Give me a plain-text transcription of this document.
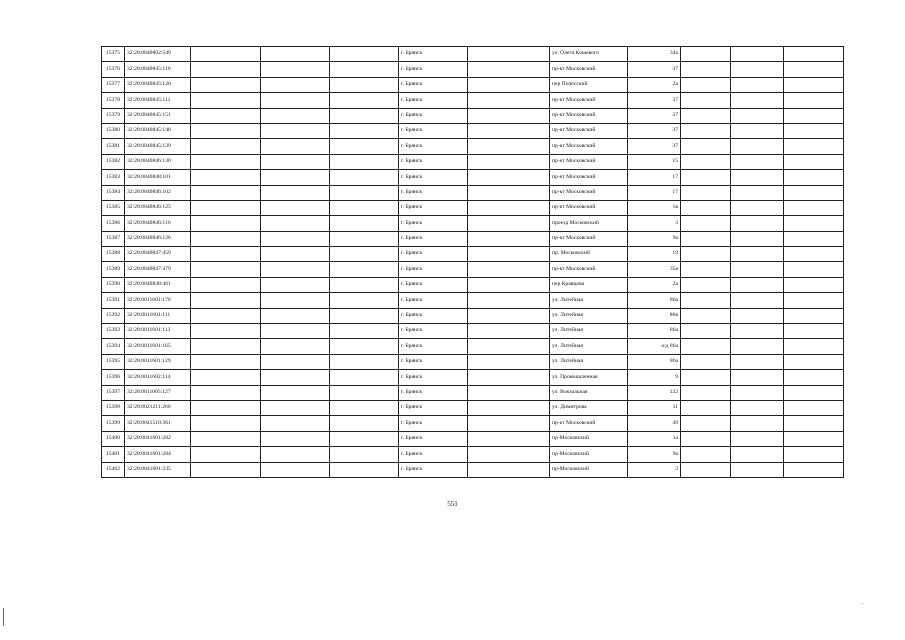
15375	32:28:0040802:549				г. Брянск		ул. Олега Кошевого	34а			
15376	32:28:0040845:110				г. Брянск		пр-кт Московский	37			
15377	32:28:0040845:120				г. Брянск		пер Полесский	2а			
15378	32:28:0040845:111				г. Брянск		пр-кт Московский	37			
15379	32:28:0040845:151				г. Брянск		пр-кт Московский	37			
15380	32:28:0040845:148				г. Брянск		пр-кт Московский	37			
15381	32:28:0040845:139				г. Брянск		пр-кт Московский	37			
15382	32:28:0040846:130				г. Брянск		пр-кт Московский	15			
15383	32:28:0040848:101				г. Брянск		пр-кт Московский	17			
15384	32:28:0040846:102				г. Брянск		пр-кт Московский	17			
15385	32:28:0040846:125				г. Брянск		пр-кт Московский	1в			
15386	32:28:0040846:116				г. Брянск		проезд Московский	3			
15387	32:28:0040846:126				г. Брянск		пр-кт Московский	9а			
15388	32:28:0040847:459				г. Брянск		пр. Московский	19			
15389	32:28:0040847:479				г. Брянск		пр-кт Московский	35а			
15390	32:28:0040848:461				г. Брянск		пер Кравцова	2а			
15391	32:28:0011601:170				г. Брянск		ул. Литейная	86а			
15392	32:28:0011601:111				г. Брянск		ул. Литейная	86в			
15393	32:28:0011601:113				г. Брянск		ул. Литейная	86а			
15394	32:28:0011601:165				г. Брянск		ул. Литейная	о/д 86а			
15395	32:28:0011601:129				г. Брянск		ул. Литейная	86а			
15396	32:28:0011602:114				г. Брянск		ул. Промышленная	9			
15397	32:28:0011005:127				г. Брянск		ул. Вокзальная	122			
15398	32:28:0021211:260				г. Брянск		ул. Димитрова	11			
15399	32:28:0041510:361				г. Брянск		пр-кт Московский	49			
15400	32:28:0041601:282				г. Брянск		пр-Московский	1а			
15401	32:28:0041601:284				г. Брянск		пр-Московский	9а			
15402	32:28:0041601:235				г. Брянск		пр-Московский	3			
551
